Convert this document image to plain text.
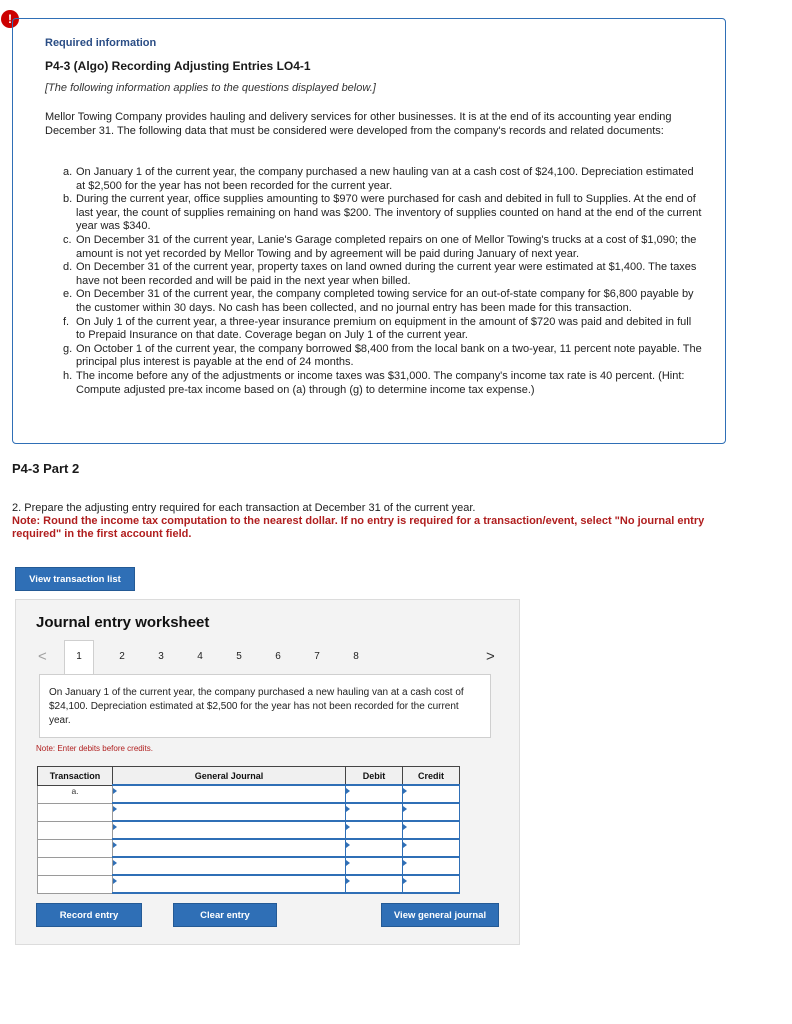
!
Required information
P4-3 (Algo) Recording Adjusting Entries LO4-1
[The following information applies to the questions displayed below.]
Mellor Towing Company provides hauling and delivery services for other businesses. It is at the end of its accounting year ending December 31. The following data that must be considered were developed from the company's records and related documents:
a. On January 1 of the current year, the company purchased a new hauling van at a cash cost of $24,100. Depreciation estimated at $2,500 for the year has not been recorded for the current year.
b. During the current year, office supplies amounting to $970 were purchased for cash and debited in full to Supplies. At the end of last year, the count of supplies remaining on hand was $200. The inventory of supplies counted on hand at the end of the current year was $340.
c. On December 31 of the current year, Lanie's Garage completed repairs on one of Mellor Towing's trucks at a cost of $1,090; the amount is not yet recorded by Mellor Towing and by agreement will be paid during January of next year.
d. On December 31 of the current year, property taxes on land owned during the current year were estimated at $1,400. The taxes have not been recorded and will be paid in the next year when billed.
e. On December 31 of the current year, the company completed towing service for an out-of-state company for $6,800 payable by the customer within 30 days. No cash has been collected, and no journal entry has been made for this transaction.
f. On July 1 of the current year, a three-year insurance premium on equipment in the amount of $720 was paid and debited in full to Prepaid Insurance on that date. Coverage began on July 1 of the current year.
g. On October 1 of the current year, the company borrowed $8,400 from the local bank on a two-year, 11 percent note payable. The principal plus interest is payable at the end of 24 months.
h. The income before any of the adjustments or income taxes was $31,000. The company's income tax rate is 40 percent. (Hint: Compute adjusted pre-tax income based on (a) through (g) to determine income tax expense.)
P4-3 Part 2
2. Prepare the adjusting entry required for each transaction at December 31 of the current year.
Note: Round the income tax computation to the nearest dollar. If no entry is required for a transaction/event, select "No journal entry required" in the first account field.
View transaction list
Journal entry worksheet
<	1	2	3	4	5	6	7	8	>
On January 1 of the current year, the company purchased a new hauling van at a cash cost of $24,100. Depreciation estimated at $2,500 for the year has not been recorded for the current year.
Note: Enter debits before credits.
Transaction	General Journal	Debit	Credit
a.	

Record entry	Clear entry	View general journal
